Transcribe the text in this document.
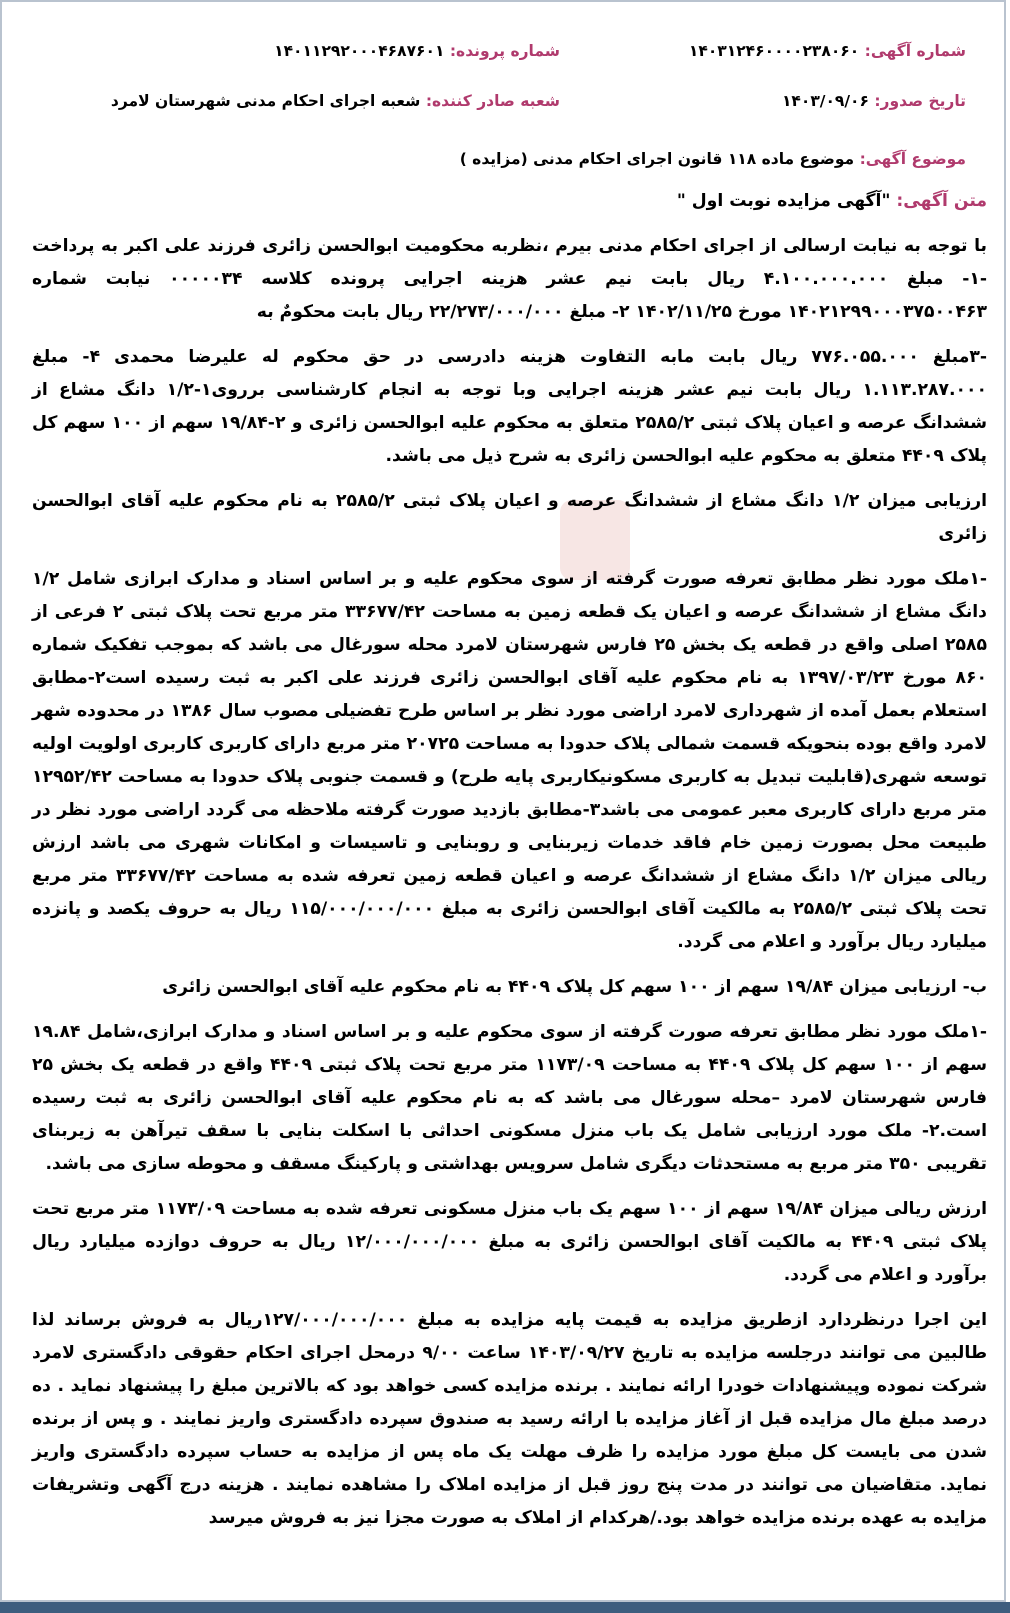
شماره آگهی: ۱۴۰۳۱۲۴۶۰۰۰۰۲۳۸۰۶۰
شماره پرونده: ۱۴۰۱۱۲۹۲۰۰۰۴۶۸۷۶۰۱
تاریخ صدور: ۱۴۰۳/۰۹/۰۶
شعبه صادر کننده: شعبه اجرای احکام مدنی شهرستان لامرد
موضوع آگهی: موضوع ماده ۱۱۸ قانون اجرای احکام مدنی (مزایده )

متن آگهی: "آگهی مزایده نوبت اول "

با توجه به نیابت ارسالی از اجرای احکام مدنی بیرم ،نظربه محکومیت ابوالحسن زائری فرزند علی اکبر به پرداخت -۱- مبلغ ۴.۱۰۰.۰۰۰.۰۰۰ ریال بابت نیم عشر هزینه اجرایی پرونده کلاسه ۰۰۰۰۰۳۴ نیابت شماره ۱۴۰۲۱۲۹۹۰۰۰۳۷۵۰۰۴۶۳ مورخ ۱۴۰۲/۱۱/۲۵ ۲- مبلغ ۲۲/۲۷۳/۰۰۰/۰۰۰ ریال بابت محکومٌ به

-۳مبلغ ۷۷۶.۰۵۵.۰۰۰ ریال بابت مابه التفاوت هزینه دادرسی در حق محکوم له علیرضا محمدی ۴- مبلغ ۱.۱۱۳.۲۸۷.۰۰۰ ریال بابت نیم عشر هزینه اجرایی وبا توجه به انجام کارشناسی برروی۱-۱/۲ دانگ مشاع از ششدانگ عرصه و اعیان پلاک ثبتی ۲۵۸۵/۲ متعلق به محکوم علیه ابوالحسن زائری و ۲-۱۹/۸۴ سهم از ۱۰۰ سهم کل پلاک ۴۴۰۹ متعلق به محکوم علیه ابوالحسن زائری به شرح ذیل می باشد.

ارزیابی میزان ۱/۲ دانگ مشاع از ششدانگ عرصه و اعیان پلاک ثبتی ۲۵۸۵/۲ به نام محکوم علیه آقای ابوالحسن زائری

-۱ملک مورد نظر مطابق تعرفه صورت گرفته از سوی محکوم علیه و بر اساس اسناد و مدارک ابرازی شامل ۱/۲ دانگ مشاع از ششدانگ عرصه و اعیان یک قطعه زمین به مساحت ۳۳۶۷۷/۴۲ متر مربع تحت پلاک ثبتی ۲ فرعی از ۲۵۸۵ اصلی واقع در قطعه یک بخش ۲۵ فارس شهرستان لامرد محله سورغال می باشد که بموجب تفکیک شماره ۸۶۰ مورخ ۱۳۹۷/۰۳/۲۳ به نام محکوم علیه آقای ابوالحسن زائری فرزند علی اکبر به ثبت رسیده است۲-مطابق استعلام بعمل آمده از شهرداری لامرد اراضی مورد نظر بر اساس طرح تفضیلی مصوب سال ۱۳۸۶ در محدوده شهر لامرد واقع بوده بنحویکه قسمت شمالی پلاک حدودا به مساحت ۲۰۷۲۵ متر مربع دارای کاربری کاربری اولویت اولیه توسعه شهری(قابلیت تبدیل به کاربری مسکونیکاربری پایه طرح) و قسمت جنوبی پلاک حدودا به مساحت ۱۲۹۵۲/۴۲ متر مربع دارای کاربری معبر عمومی می باشد۳-مطابق بازدید صورت گرفته ملاحظه می گردد اراضی مورد نظر در طبیعت محل بصورت زمین خام فاقد خدمات زیربنایی و روبنایی و تاسیسات و امکانات شهری می باشد ارزش ریالی میزان ۱/۲ دانگ مشاع از ششدانگ عرصه و اعیان قطعه زمین تعرفه شده به مساحت ۳۳۶۷۷/۴۲ متر مربع تحت پلاک ثبتی ۲۵۸۵/۲ به مالکیت آقای ابوالحسن زائری به مبلغ ۱۱۵/۰۰۰/۰۰۰/۰۰۰ ریال به حروف یکصد و پانزده میلیارد ریال برآورد و اعلام می گردد.

ب- ارزیابی میزان ۱۹/۸۴ سهم از ۱۰۰ سهم کل پلاک ۴۴۰۹ به نام محکوم علیه آقای ابوالحسن زائری

-۱ملک مورد نظر مطابق تعرفه صورت گرفته از سوی محکوم علیه و بر اساس اسناد و مدارک ابرازی،شامل ۱۹.۸۴ سهم از ۱۰۰ سهم کل پلاک ۴۴۰۹ به مساحت ۱۱۷۳/۰۹ متر مربع تحت پلاک ثبتی ۴۴۰۹ واقع در قطعه یک بخش ۲۵ فارس شهرستان لامرد –محله سورغال می باشد که به نام محکوم علیه آقای ابوالحسن زائری به ثبت رسیده است.۲- ملک مورد ارزیابی شامل یک باب منزل مسکونی احداثی با اسکلت بنایی با سقف تیرآهن به زیربنای تقریبی ۳۵۰ متر مربع به مستحدثات دیگری شامل سرویس بهداشتی و پارکینگ مسقف و محوطه سازی می باشد.

ارزش ریالی میزان ۱۹/۸۴ سهم از ۱۰۰ سهم یک باب منزل مسکونی تعرفه شده به مساحت ۱۱۷۳/۰۹ متر مربع تحت پلاک ثبتی ۴۴۰۹ به مالکیت آقای ابوالحسن زائری به مبلغ ۱۲/۰۰۰/۰۰۰/۰۰۰ ریال به حروف دوازده میلیارد ریال برآورد و اعلام می گردد.

این اجرا درنظردارد ازطریق مزایده به قیمت پایه مزایده به مبلغ ۱۲۷/۰۰۰/۰۰۰/۰۰۰ریال به فروش برساند لذا طالبین می توانند درجلسه مزایده به تاریخ ۱۴۰۳/۰۹/۲۷ ساعت ۹/۰۰ درمحل اجرای احکام حقوقی دادگستری لامرد شرکت نموده وپیشنهادات خودرا ارائه نمایند . برنده مزایده کسی خواهد بود که بالاترین مبلغ را پیشنهاد نماید . ده درصد مبلغ مال مزایده قبل از آغاز مزایده با ارائه رسید به صندوق سپرده دادگستری واریز نمایند . و پس از برنده شدن می بایست کل مبلغ مورد مزایده را ظرف مهلت یک ماه پس از مزایده به حساب سپرده دادگستری واریز نماید. متقاضیان می توانند در مدت پنج روز قبل از مزایده املاک را مشاهده نمایند . هزینه درج آگهی وتشریفات مزایده به عهده برنده مزایده خواهد بود./هرکدام از املاک به صورت مجزا نیز به فروش میرسد
